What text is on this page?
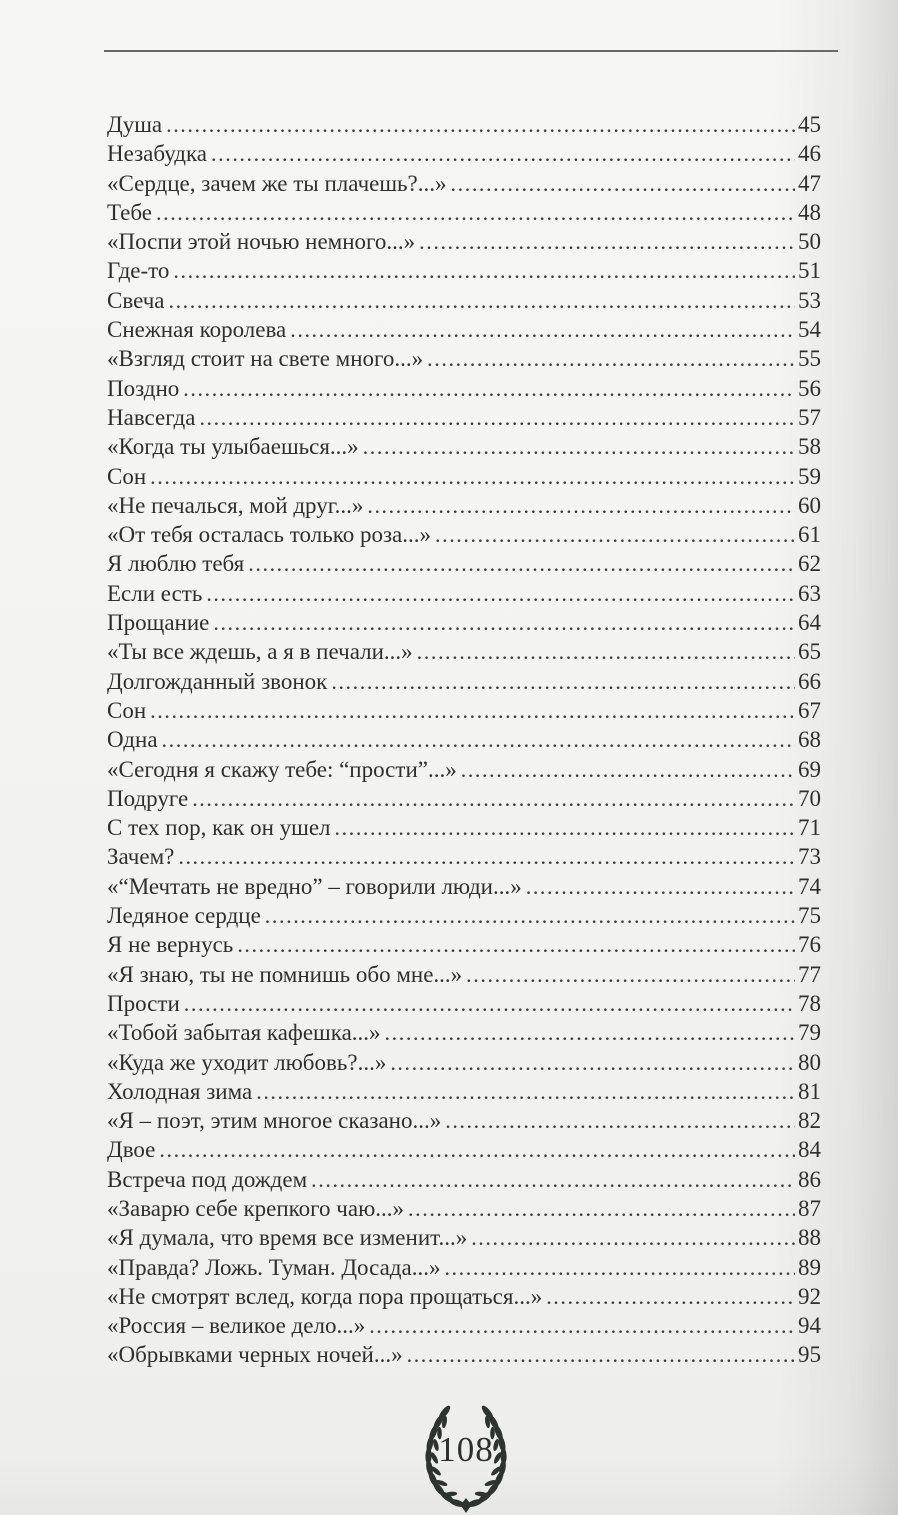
Душа .....	45
Незабудка .....	46
«Сердце, зачем же ты плачешь?...» .....	47
Тебе .....	48
«Поспи этой ночью немного...» .....	50
Где-то .....	51
Свеча .....	53
Снежная королева .....	54
«Взгляд стоит на свете много...» .....	55
Поздно .....	56
Навсегда .....	57
«Когда ты улыбаешься...» .....	58
Сон .....	59
«Не печалься, мой друг...» .....	60
«От тебя осталась только роза...» .....	61
Я люблю тебя .....	62
Если есть .....	63
Прощание .....	64
«Ты все ждешь, а я в печали...» .....	65
Долгожданный звонок .....	66
Сон .....	67
Одна .....	68
«Сегодня я скажу тебе: “прости”...» .....	69
Подруге .....	70
С тех пор, как он ушел .....	71
Зачем? .....	73
«“Мечтать не вредно” – говорили люди...» .....	74
Ледяное сердце .....	75
Я не вернусь .....	76
«Я знаю, ты не помнишь обо мне...» .....	77
Прости .....	78
«Тобой забытая кафешка...» .....	79
«Куда же уходит любовь?...» .....	80
Холодная зима .....	81
«Я – поэт, этим многое сказано...» .....	82
Двое .....	84
Встреча под дождем .....	86
«Заварю себе крепкого чаю...» .....	87
«Я думала, что время все изменит...» .....	88
«Правда? Ложь. Туман. Досада...» .....	89
«Не смотрят вслед, когда пора прощаться...» .....	92
«Россия – великое дело...» .....	94
«Обрывками черных ночей...» .....	95
108
